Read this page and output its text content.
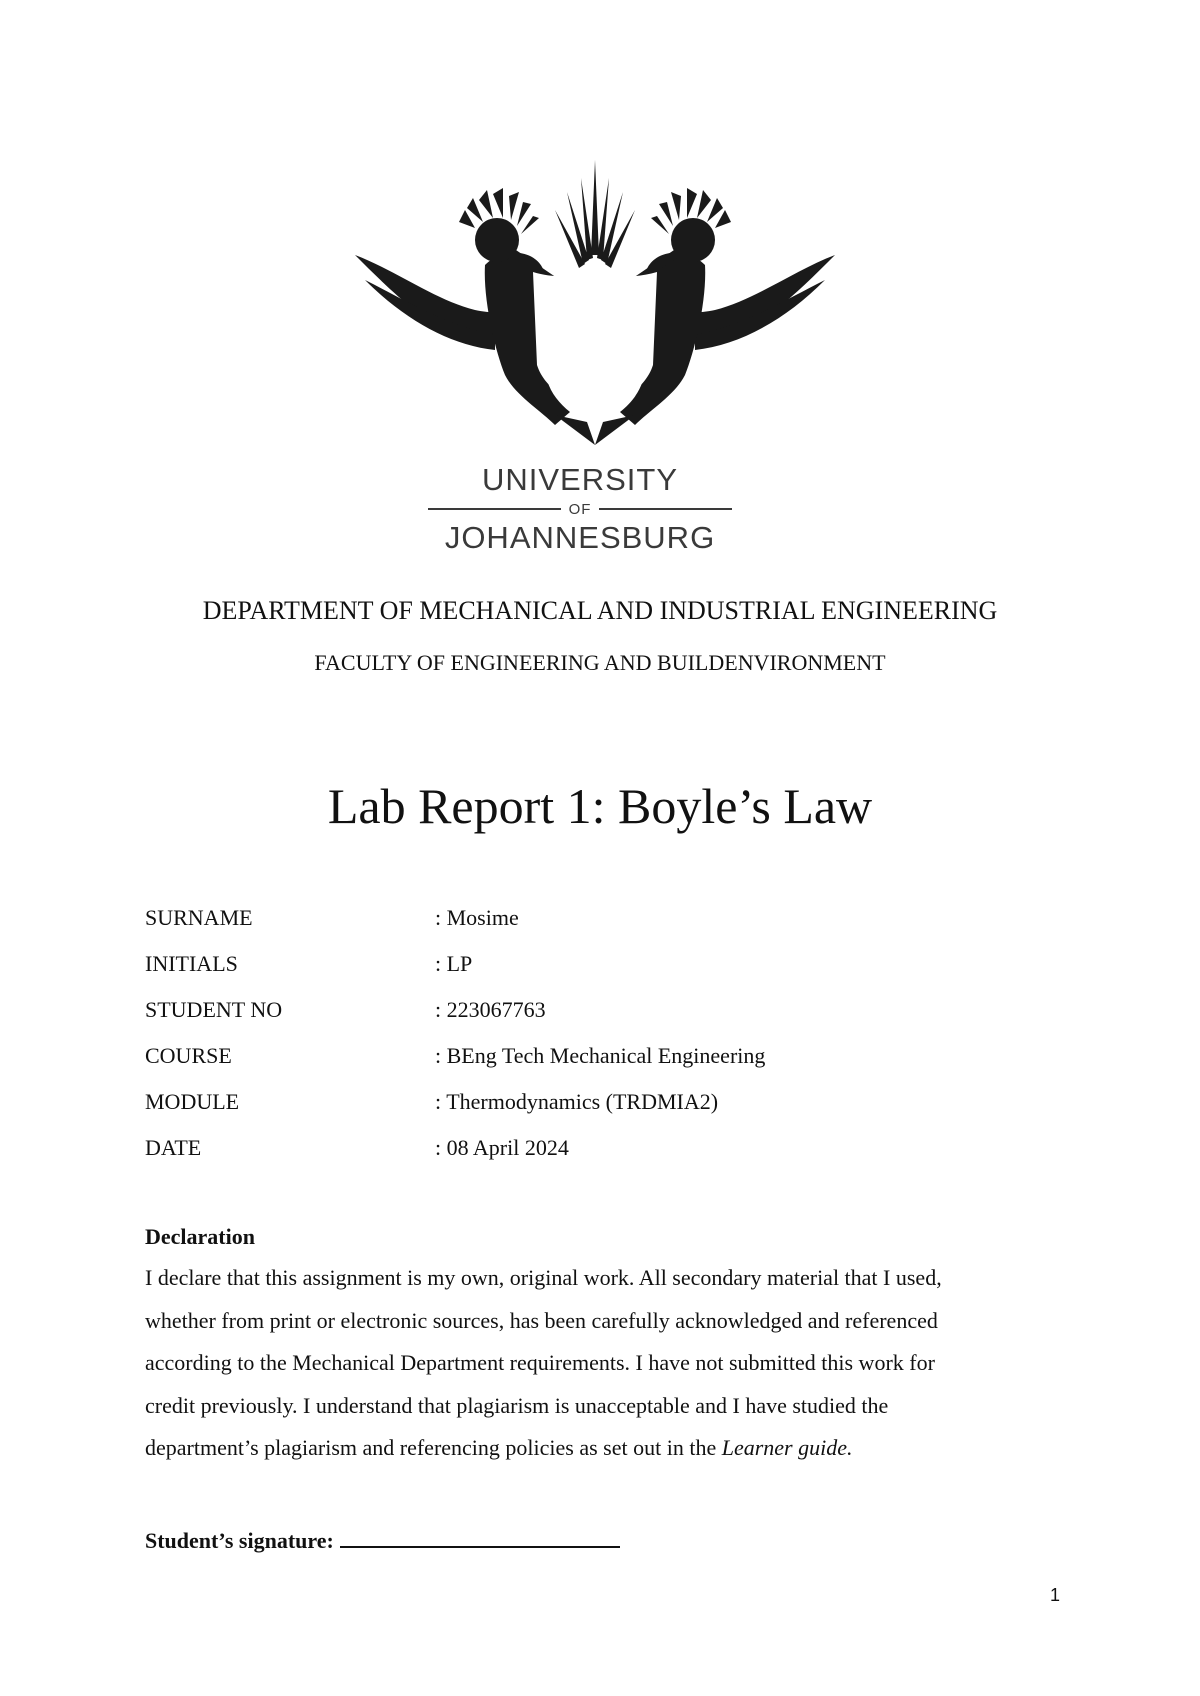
UNIVERSITY
OF
JOHANNESBURG
DEPARTMENT OF MECHANICAL AND INDUSTRIAL ENGINEERING
FACULTY OF ENGINEERING AND BUILDENVIRONMENT
Lab Report 1: Boyle’s Law
SURNAME	: Mosime
INITIALS	: LP
STUDENT NO	: 223067763
COURSE	: BEng Tech Mechanical Engineering
MODULE	: Thermodynamics (TRDMIA2)
DATE	: 08 April 2024
Declaration
I declare that this assignment is my own, original work. All secondary material that I used,
whether from print or electronic sources, has been carefully acknowledged and referenced
according to the Mechanical Department requirements. I have not submitted this work for
credit previously. I understand that plagiarism is unacceptable and I have studied the
department’s plagiarism and referencing policies as set out in the Learner guide.
Student’s signature:
1
